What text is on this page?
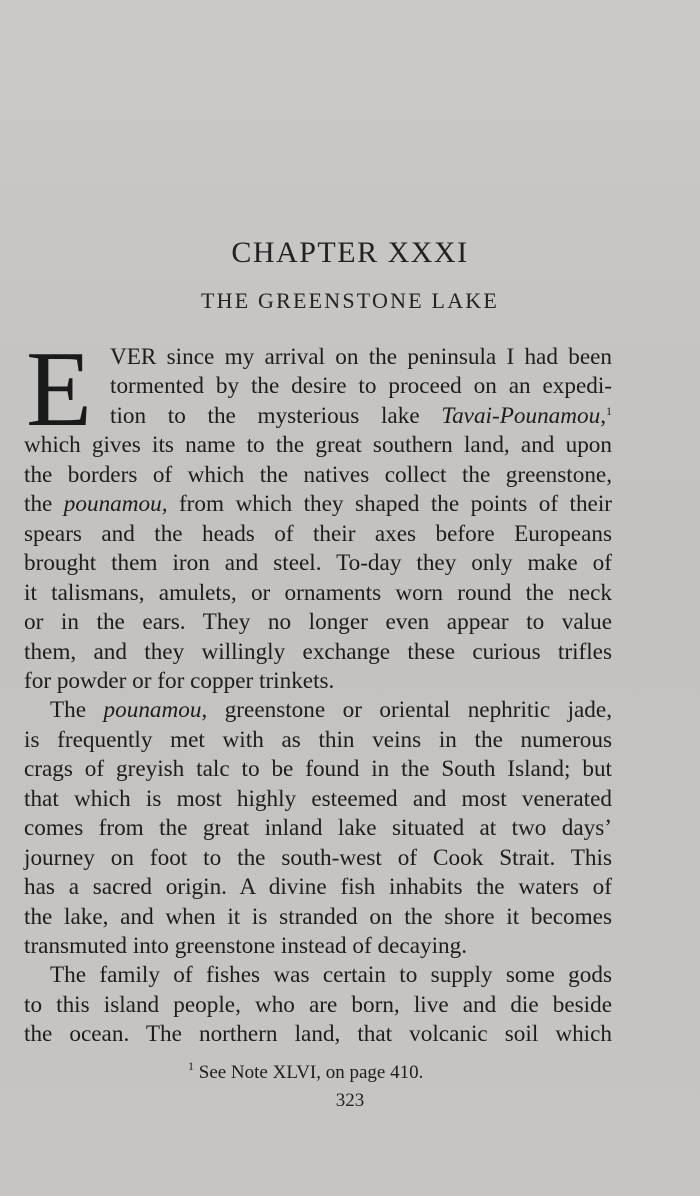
CHAPTER XXXI
THE GREENSTONE LAKE
E VER since my arrival on the peninsula I had been
tormented by the desire to proceed on an expedi-
tion to the mysterious lake Tavai-Pounamou,$^1$
which gives its name to the great southern land, and upon
the borders of which the natives collect the greenstone,
the pounamou, from which they shaped the points of their
spears and the heads of their axes before Europeans
brought them iron and steel. To-day they only make of
it talismans, amulets, or ornaments worn round the neck
or in the ears. They no longer even appear to value
them, and they willingly exchange these curious trifles
for powder or for copper trinkets.
The pounamou, greenstone or oriental nephritic jade,
is frequently met with as thin veins in the numerous
crags of greyish talc to be found in the South Island; but
that which is most highly esteemed and most venerated
comes from the great inland lake situated at two days’
journey on foot to the south-west of Cook Strait. This
has a sacred origin. A divine fish inhabits the waters of
the lake, and when it is stranded on the shore it becomes
transmuted into greenstone instead of decaying.
The family of fishes was certain to supply some gods
to this island people, who are born, live and die beside
the ocean. The northern land, that volcanic soil which
$^1$ See Note XLVI, on page 410.
323
